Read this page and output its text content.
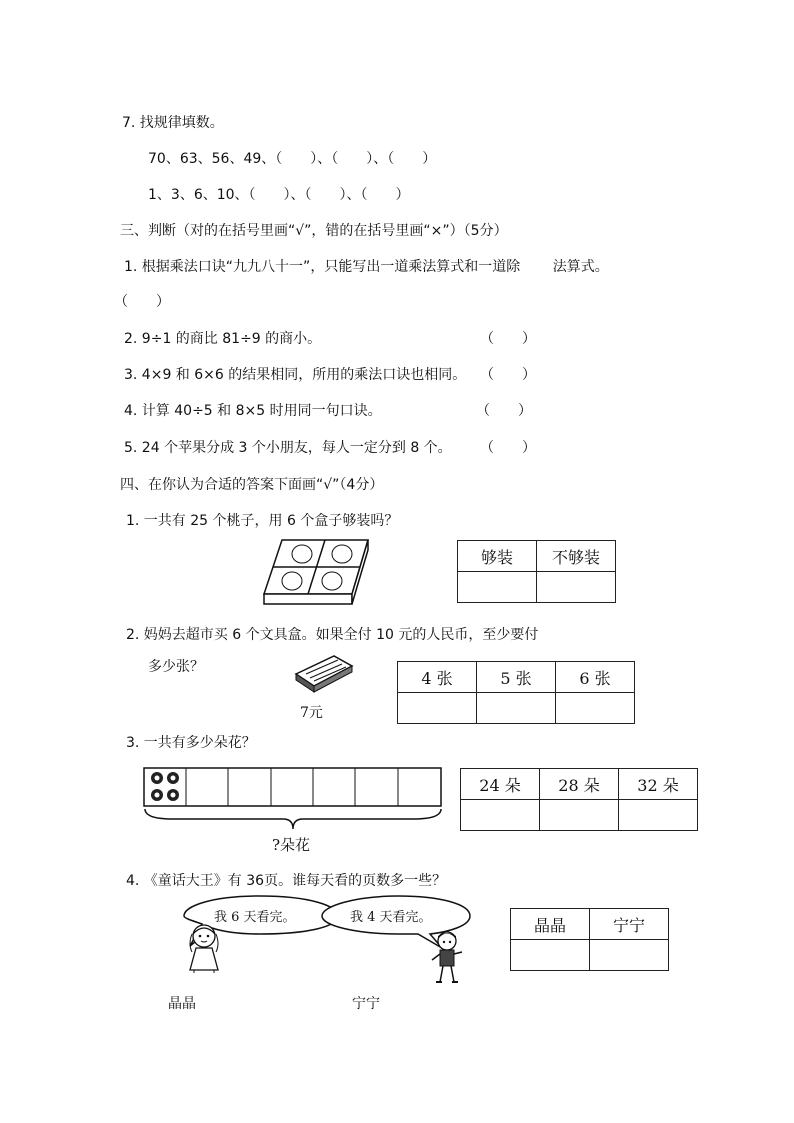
7. 找规律填数。
70、63、56、49、（　　）、（　　）、（　　）
1、3、6、10、（　　）、（　　）、（　　）
三、判断（对的在括号里画“√”，错的在括号里画“×”）（5分）
1. 根据乘法口诀“九九八十一”，只能写出一道乘法算式和一道除　　 法算式。
（　　）
2. 9÷1 的商比 81÷9 的商小。	（　　）
3. 4×9 和 6×6 的结果相同，所用的乘法口诀也相同。 （　　）
4. 计算 40÷5 和 8×5 时用同一句口诀。	（　　）
5. 24 个苹果分成 3 个小朋友，每人一定分到 8 个。 （　　）
四、在你认为合适的答案下面画“√”（4分）
1. 一共有 25 个桃子，用 6 个盒子够装吗？
够装	不够装

2. 妈妈去超市买 6 个文具盒。如果全付 10 元的人民币，至少要付
多少张？
7元
4 张	5 张	6 张

3. 一共有多少朵花？
?朵花
24 朵	28 朵	32 朵

4. 《童话大王》有 36页。谁每天看的页数多一些？
我 6 天看完。	我 4 天看完。
晶晶	宁宁
晶晶	宁宁
